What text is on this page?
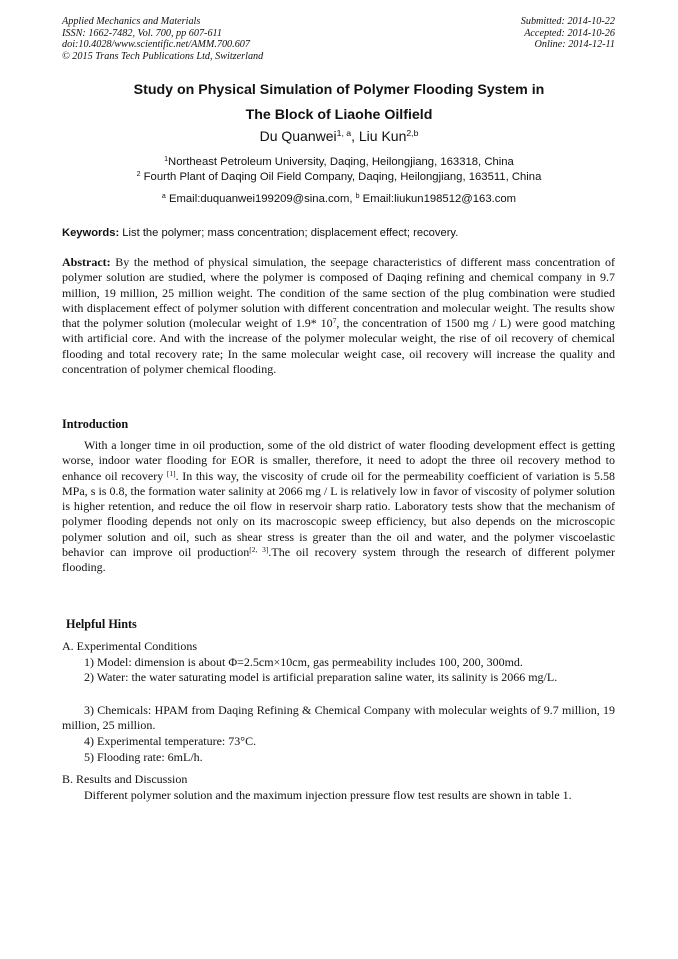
Applied Mechanics and Materials
ISSN: 1662-7482, Vol. 700, pp 607-611
doi:10.4028/www.scientific.net/AMM.700.607
© 2015 Trans Tech Publications Ltd, Switzerland
Submitted: 2014-10-22
Accepted: 2014-10-26
Online: 2014-12-11
Study on Physical Simulation of Polymer Flooding System in
The Block of Liaohe Oilfield
Du Quanwei$^{1, a}$, Liu Kun$^{2,b}$
$^1$Northeast Petroleum University, Daqing, Heilongjiang, 163318, China
$^2$ Fourth Plant of Daqing Oil Field Company, Daqing, Heilongjiang, 163511, China
$^a$ Email:duquanwei199209@sina.com, $^b$ Email:liukun198512@163.com
Keywords: List the polymer; mass concentration; displacement effect; recovery.
Abstract: By the method of physical simulation, the seepage characteristics of different mass concentration of polymer solution are studied, where the polymer is composed of Daqing refining and chemical company in 9.7 million, 19 million, 25 million weight. The condition of the same section of the plug combination were studied with displacement effect of polymer solution with different concentration and molecular weight. The results show that the polymer solution (molecular weight of 1.9* $10^7$, the concentration of 1500 mg / L) were good matching with artificial core. And with the increase of the polymer molecular weight, the rise of oil recovery of chemical flooding and total recovery rate; In the same molecular weight case, oil recovery will increase the quality and concentration of polymer chemical flooding.
Introduction
With a longer time in oil production, some of the old district of water flooding development effect is getting worse, indoor water flooding for EOR is smaller, therefore, it need to adopt the three oil recovery method to enhance oil recovery [1]. In this way, the viscosity of crude oil for the permeability coefficient of variation is 5.58 MPa, s is 0.8, the formation water salinity at 2066 mg / L is relatively low in favor of viscosity of polymer solution is higher retention, and reduce the oil flow in reservoir sharp ratio. Laboratory tests show that the mechanism of polymer flooding depends not only on its macroscopic sweep efficiency, but also depends on the microscopic polymer solution and oil, such as shear stress is greater than the oil and water, and the polymer viscoelastic behavior can improve oil production[2, 3].The oil recovery system through the research of different polymer flooding.
Helpful Hints
A. Experimental Conditions
1) Model: dimension is about Φ=2.5cm×10cm, gas permeability includes 100, 200, 300md.
2) Water: the water saturating model is artificial preparation saline water, its salinity is 2066 mg/L.
3) Chemicals: HPAM from Daqing Refining & Chemical Company with molecular weights of 9.7 million, 19 million, 25 million.
4) Experimental temperature: 73°C.
5) Flooding rate: 6mL/h.
B. Results and Discussion
Different polymer solution and the maximum injection pressure flow test results are shown in table 1.
